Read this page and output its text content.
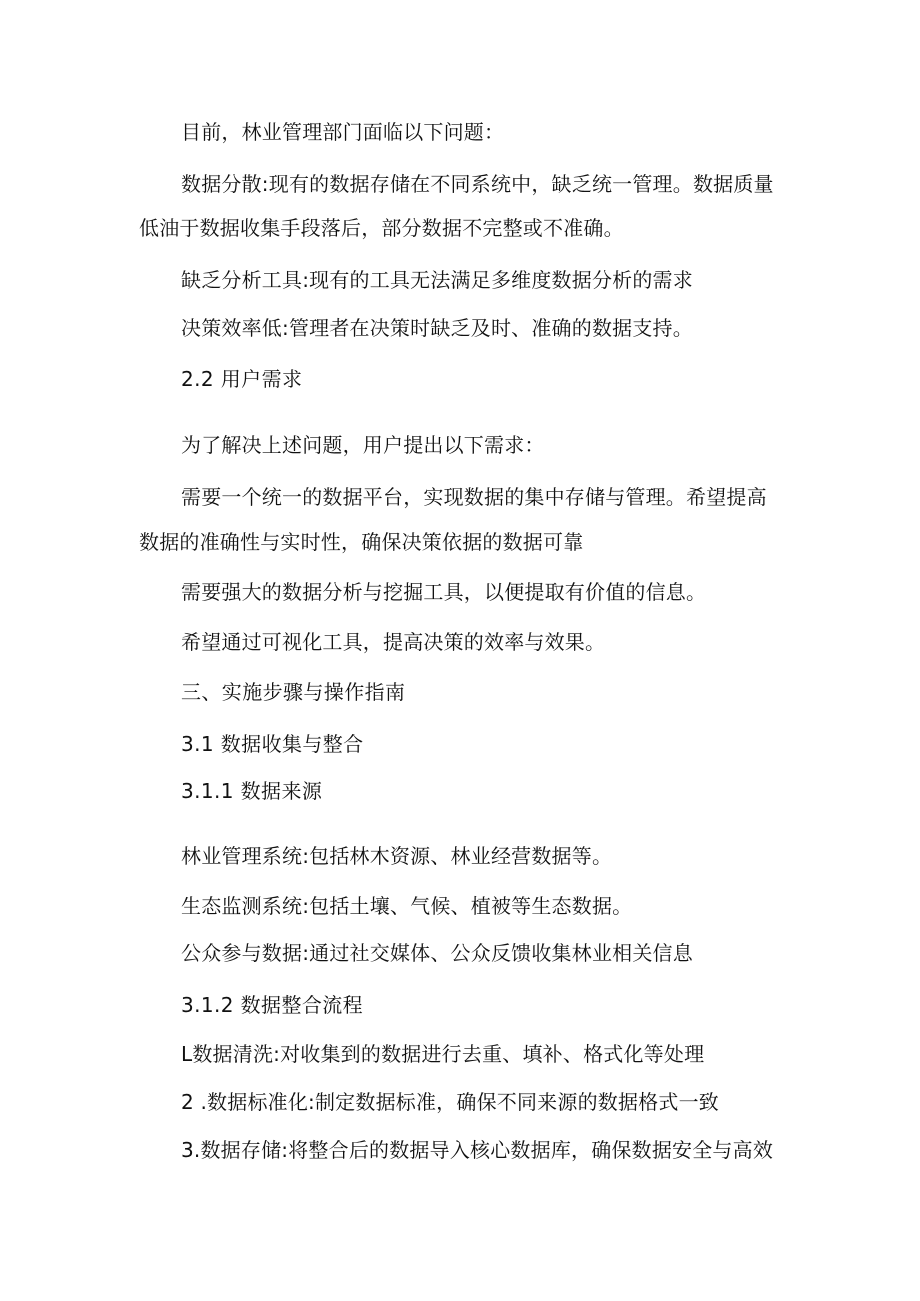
目前，林业管理部门面临以下问题：
数据分散:现有的数据存储在不同系统中，缺乏统一管理。数据质量
低油于数据收集手段落后，部分数据不完整或不准确。
缺乏分析工具:现有的工具无法满足多维度数据分析的需求
决策效率低:管理者在决策时缺乏及时、准确的数据支持。
2.2 用户需求
为了解决上述问题，用户提出以下需求：
需要一个统一的数据平台，实现数据的集中存储与管理。希望提高
数据的准确性与实时性，确保决策依据的数据可靠
需要强大的数据分析与挖掘工具，以便提取有价值的信息。
希望通过可视化工具，提高决策的效率与效果。
三、实施步骤与操作指南
3.1 数据收集与整合
3.1.1 数据来源
林业管理系统:包括林木资源、林业经营数据等。
生态监测系统:包括土壤、气候、植被等生态数据。
公众参与数据:通过社交媒体、公众反馈收集林业相关信息
3.1.2 数据整合流程
L数据清洗:对收集到的数据进行去重、填补、格式化等处理
2 .数据标准化:制定数据标准，确保不同来源的数据格式一致
3.数据存储:将整合后的数据导入核心数据库，确保数据安全与高效
